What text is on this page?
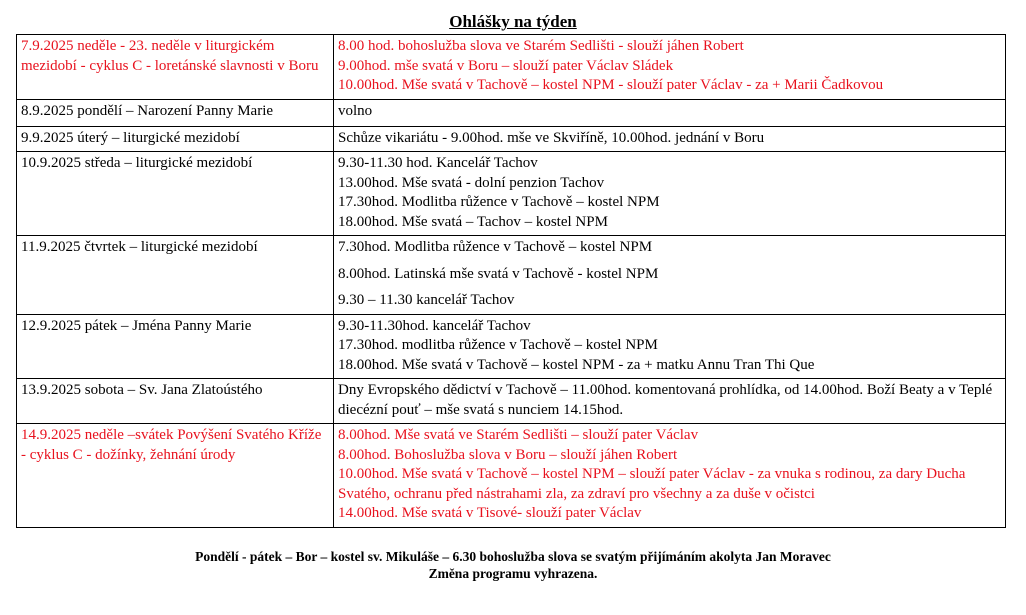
Ohlášky na týden
7.9.2025 neděle - 23. neděle v liturgickém mezidobí - cyklus C - loretánské slavnosti v Boru	8.00 hod. bohoslužba slova ve Starém Sedlišti - slouží jáhen Robert
9.00hod. mše svatá v Boru – slouží pater Václav Sládek
10.00hod. Mše svatá v Tachově – kostel NPM - slouží pater Václav - za + Marii Čadkovou

8.9.2025 pondělí – Narození Panny Marie	volno

9.9.2025 úterý – liturgické mezidobí	Schůze vikariátu - 9.00hod. mše ve Skviříně, 10.00hod. jednání v Boru

10.9.2025 středa – liturgické mezidobí	9.30-11.30 hod. Kancelář Tachov
13.00hod. Mše svatá - dolní penzion Tachov
17.30hod. Modlitba růžence v Tachově – kostel NPM
18.00hod. Mše svatá – Tachov – kostel NPM

11.9.2025 čtvrtek – liturgické mezidobí	7.30hod. Modlitba růžence v Tachově – kostel NPM
8.00hod. Latinská mše svatá v Tachově - kostel NPM
9.30 – 11.30 kancelář Tachov

12.9.2025 pátek – Jména Panny Marie	9.30-11.30hod. kancelář Tachov
17.30hod. modlitba růžence v Tachově – kostel NPM
18.00hod. Mše svatá v Tachově – kostel NPM - za + matku Annu Tran Thi Que

13.9.2025 sobota – Sv. Jana Zlatoústého	Dny Evropského dědictví v Tachově – 11.00hod. komentovaná prohlídka, od 14.00hod. Boží Beaty a v Teplé diecézní pouť – mše svatá s nunciem 14.15hod.

14.9.2025 neděle –svátek Povýšení Svatého Kříže - cyklus C - dožínky, žehnání úrody	8.00hod. Mše svatá ve Starém Sedlišti – slouží pater Václav
8.00hod. Bohoslužba slova v Boru – slouží jáhen Robert
10.00hod. Mše svatá v Tachově – kostel NPM – slouží pater Václav - za vnuka s rodinou, za dary Ducha Svatého, ochranu před nástrahami zla, za zdraví pro všechny a za duše v očistci
14.00hod. Mše svatá v Tisové- slouží pater Václav
Pondělí - pátek – Bor – kostel sv. Mikuláše – 6.30 bohoslužba slova se svatým přijímáním akolyta Jan Moravec
Změna programu vyhrazena.
